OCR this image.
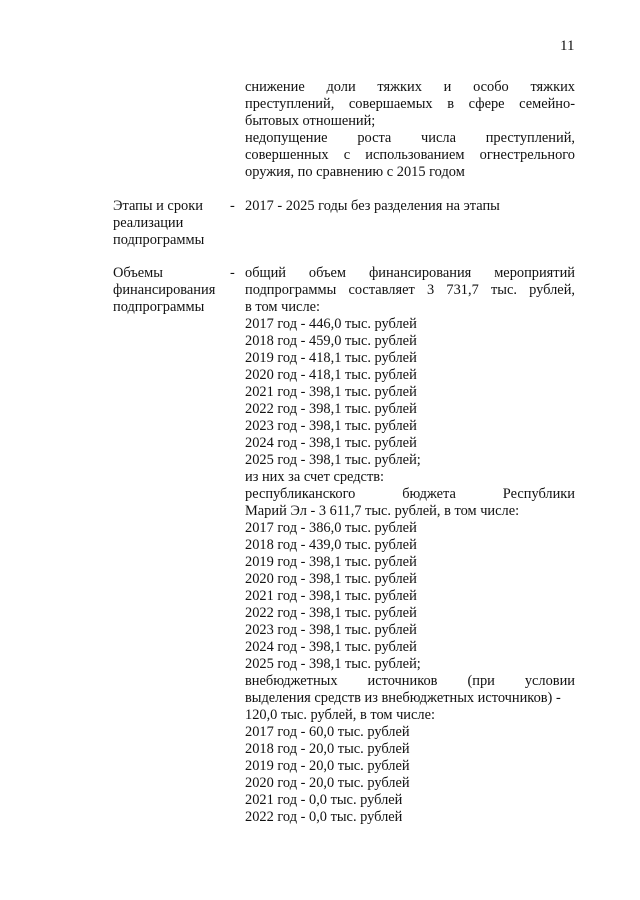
11
снижение доли тяжких и особо тяжких
преступлений, совершаемых в сфере семейно-
бытовых отношений;
недопущение роста числа преступлений,
совершенных с использованием огнестрельного
оружия, по сравнению с 2015 годом
Этапы и сроки
реализации
подпрограммы
- 2017 - 2025 годы без разделения на этапы
Объемы
финансирования
подпрограммы
- общий объем финансирования мероприятий
подпрограммы составляет 3 731,7 тыс. рублей,
в том числе:
2017 год - 446,0 тыс. рублей
2018 год - 459,0 тыс. рублей
2019 год - 418,1 тыс. рублей
2020 год - 418,1 тыс. рублей
2021 год - 398,1 тыс. рублей
2022 год - 398,1 тыс. рублей
2023 год - 398,1 тыс. рублей
2024 год - 398,1 тыс. рублей
2025 год - 398,1 тыс. рублей;
из них за счет средств:
республиканского бюджета Республики
Марий Эл - 3 611,7 тыс. рублей, в том числе:
2017 год - 386,0 тыс. рублей
2018 год - 439,0 тыс. рублей
2019 год - 398,1 тыс. рублей
2020 год - 398,1 тыс. рублей
2021 год - 398,1 тыс. рублей
2022 год - 398,1 тыс. рублей
2023 год - 398,1 тыс. рублей
2024 год - 398,1 тыс. рублей
2025 год - 398,1 тыс. рублей;
внебюджетных источников (при условии
выделения средств из внебюджетных источников) -
120,0 тыс. рублей, в том числе:
2017 год - 60,0 тыс. рублей
2018 год - 20,0 тыс. рублей
2019 год - 20,0 тыс. рублей
2020 год - 20,0 тыс. рублей
2021 год - 0,0 тыс. рублей
2022 год - 0,0 тыс. рублей
